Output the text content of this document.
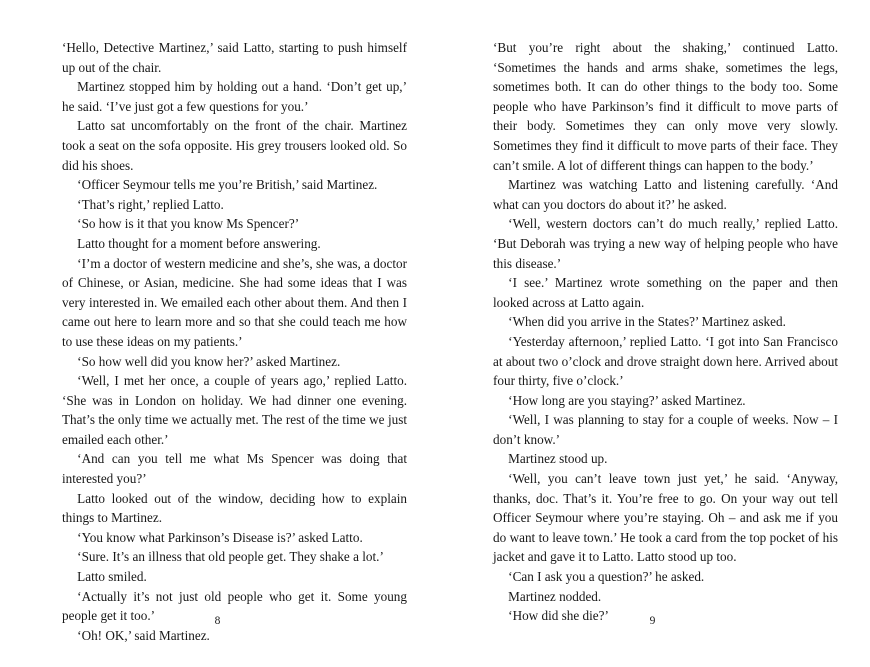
‘Hello, Detective Martinez,’ said Latto, starting to push himself up out of the chair.

Martinez stopped him by holding out a hand. ‘Don’t get up,’ he said. ‘I’ve just got a few questions for you.’

Latto sat uncomfortably on the front of the chair. Martinez took a seat on the sofa opposite. His grey trousers looked old. So did his shoes.

‘Officer Seymour tells me you’re British,’ said Martinez.

‘That’s right,’ replied Latto.

‘So how is it that you know Ms Spencer?’

Latto thought for a moment before answering.

‘I’m a doctor of western medicine and she’s, she was, a doctor of Chinese, or Asian, medicine. She had some ideas that I was very interested in. We emailed each other about them. And then I came out here to learn more and so that she could teach me how to use these ideas on my patients.’

‘So how well did you know her?’ asked Martinez.

‘Well, I met her once, a couple of years ago,’ replied Latto. ‘She was in London on holiday. We had dinner one evening. That’s the only time we actually met. The rest of the time we just emailed each other.’

‘And can you tell me what Ms Spencer was doing that interested you?’

Latto looked out of the window, deciding how to explain things to Martinez.

‘You know what Parkinson’s Disease is?’ asked Latto.

‘Sure. It’s an illness that old people get. They shake a lot.’

Latto smiled.

‘Actually it’s not just old people who get it. Some young people get it too.’

‘Oh! OK,’ said Martinez.

8

‘But you’re right about the shaking,’ continued Latto. ‘Sometimes the hands and arms shake, sometimes the legs, sometimes both. It can do other things to the body too. Some people who have Parkinson’s find it difficult to move parts of their body. Sometimes they can only move very slowly. Sometimes they find it difficult to move parts of their face. They can’t smile. A lot of different things can happen to the body.’

Martinez was watching Latto and listening carefully. ‘And what can you doctors do about it?’ he asked.

‘Well, western doctors can’t do much really,’ replied Latto. ‘But Deborah was trying a new way of helping people who have this disease.’

‘I see.’ Martinez wrote something on the paper and then looked across at Latto again.

‘When did you arrive in the States?’ Martinez asked.

‘Yesterday afternoon,’ replied Latto. ‘I got into San Francisco at about two o’clock and drove straight down here. Arrived about four thirty, five o’clock.’

‘How long are you staying?’ asked Martinez.

‘Well, I was planning to stay for a couple of weeks. Now – I don’t know.’

Martinez stood up.

‘Well, you can’t leave town just yet,’ he said. ‘Anyway, thanks, doc. That’s it. You’re free to go. On your way out tell Officer Seymour where you’re staying. Oh – and ask me if you do want to leave town.’ He took a card from the top pocket of his jacket and gave it to Latto. Latto stood up too.

‘Can I ask you a question?’ he asked.

Martinez nodded.

‘How did she die?’	9
